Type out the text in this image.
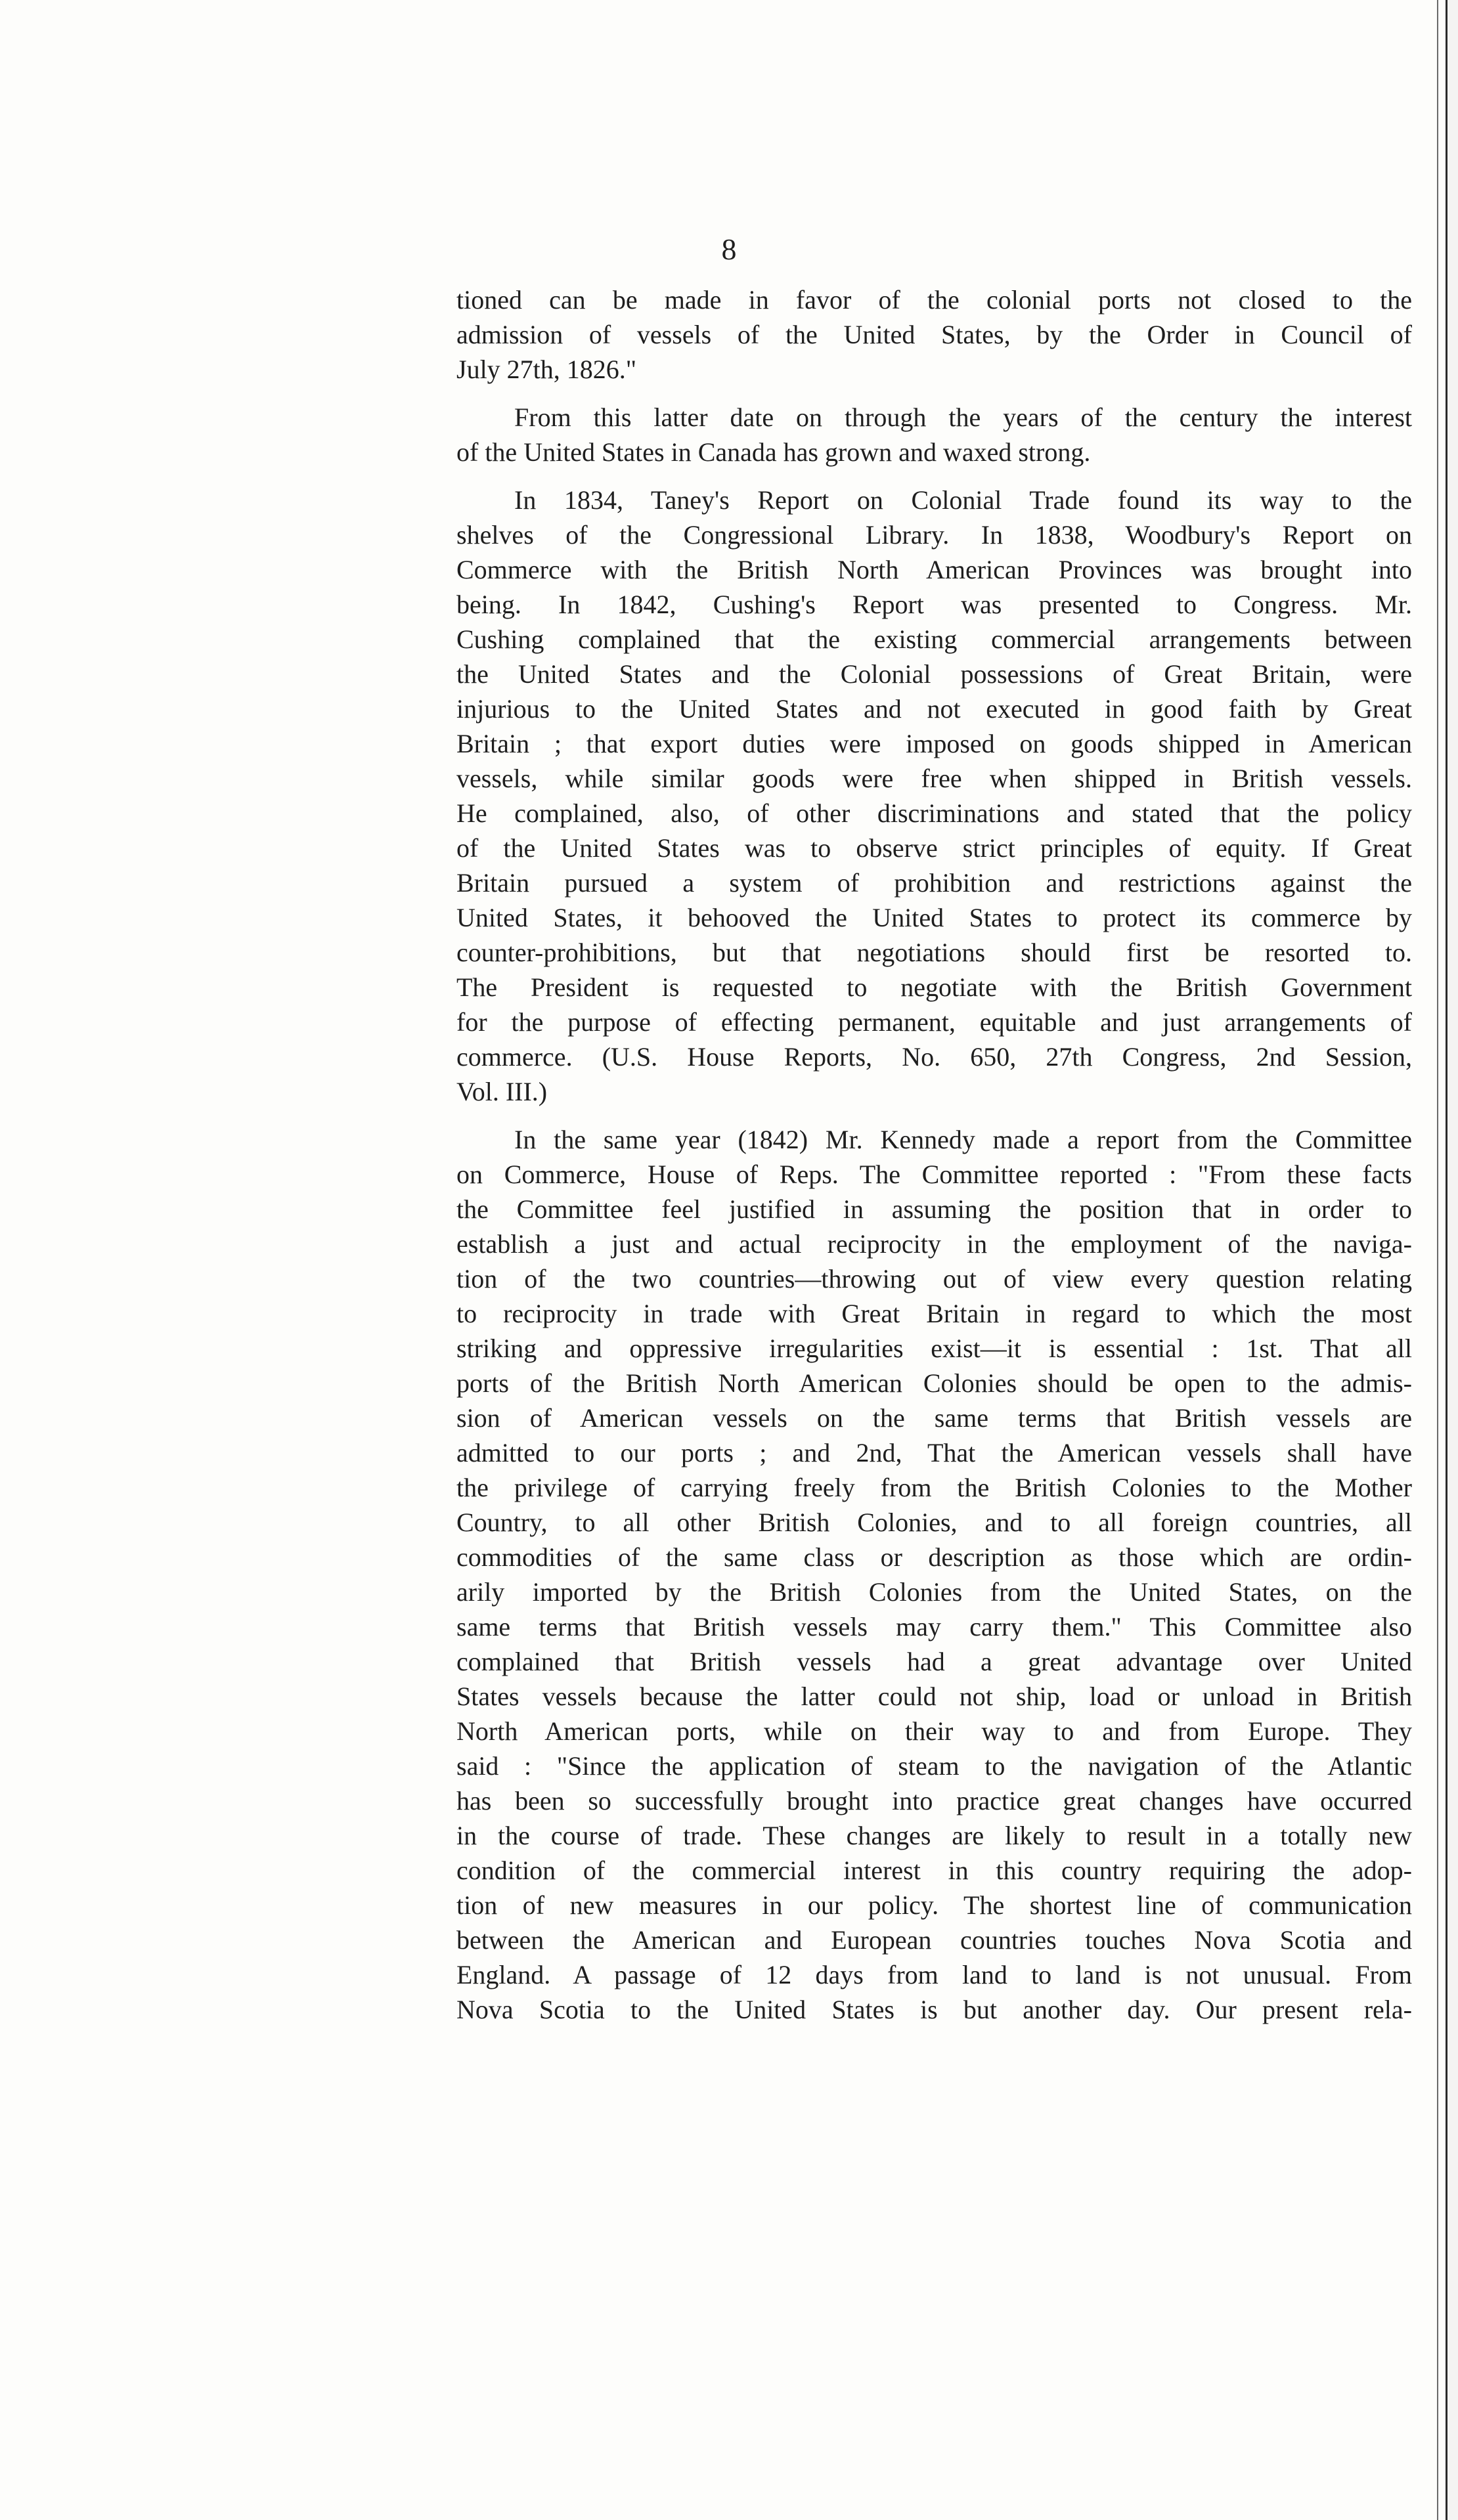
8
tioned can be made in favor of the colonial ports not closed to the
admission of vessels of the United States, by the Order in Council of
July 27th, 1826."
From this latter date on through the years of the century the interest
of the United States in Canada has grown and waxed strong.
In 1834, Taney's Report on Colonial Trade found its way to the
shelves of the Congressional Library. In 1838, Woodbury's Report on
Commerce with the British North American Provinces was brought into
being. In 1842, Cushing's Report was presented to Congress. Mr.
Cushing complained that the existing commercial arrangements between
the United States and the Colonial possessions of Great Britain, were
injurious to the United States and not executed in good faith by Great
Britain ; that export duties were imposed on goods shipped in American
vessels, while similar goods were free when shipped in British vessels.
He complained, also, of other discriminations and stated that the policy
of the United States was to observe strict principles of equity. If Great
Britain pursued a system of prohibition and restrictions against the
United States, it behooved the United States to protect its commerce by
counter-prohibitions, but that negotiations should first be resorted to.
The President is requested to negotiate with the British Government
for the purpose of effecting permanent, equitable and just arrangements of
commerce. (U.S. House Reports, No. 650, 27th Congress, 2nd Session,
Vol. III.)
In the same year (1842) Mr. Kennedy made a report from the Committee
on Commerce, House of Reps. The Committee reported : "From these facts
the Committee feel justified in assuming the position that in order to
establish a just and actual reciprocity in the employment of the naviga-
tion of the two countries—throwing out of view every question relating
to reciprocity in trade with Great Britain in regard to which the most
striking and oppressive irregularities exist—it is essential : 1st. That all
ports of the British North American Colonies should be open to the admis-
sion of American vessels on the same terms that British vessels are
admitted to our ports ; and 2nd, That the American vessels shall have
the privilege of carrying freely from the British Colonies to the Mother
Country, to all other British Colonies, and to all foreign countries, all
commodities of the same class or description as those which are ordin-
arily imported by the British Colonies from the United States, on the
same terms that British vessels may carry them." This Committee also
complained that British vessels had a great advantage over United
States vessels because the latter could not ship, load or unload in British
North American ports, while on their way to and from Europe. They
said : "Since the application of steam to the navigation of the Atlantic
has been so successfully brought into practice great changes have occurred
in the course of trade. These changes are likely to result in a totally new
condition of the commercial interest in this country requiring the adop-
tion of new measures in our policy. The shortest line of communication
between the American and European countries touches Nova Scotia and
England. A passage of 12 days from land to land is not unusual. From
Nova Scotia to the United States is but another day. Our present rela-
